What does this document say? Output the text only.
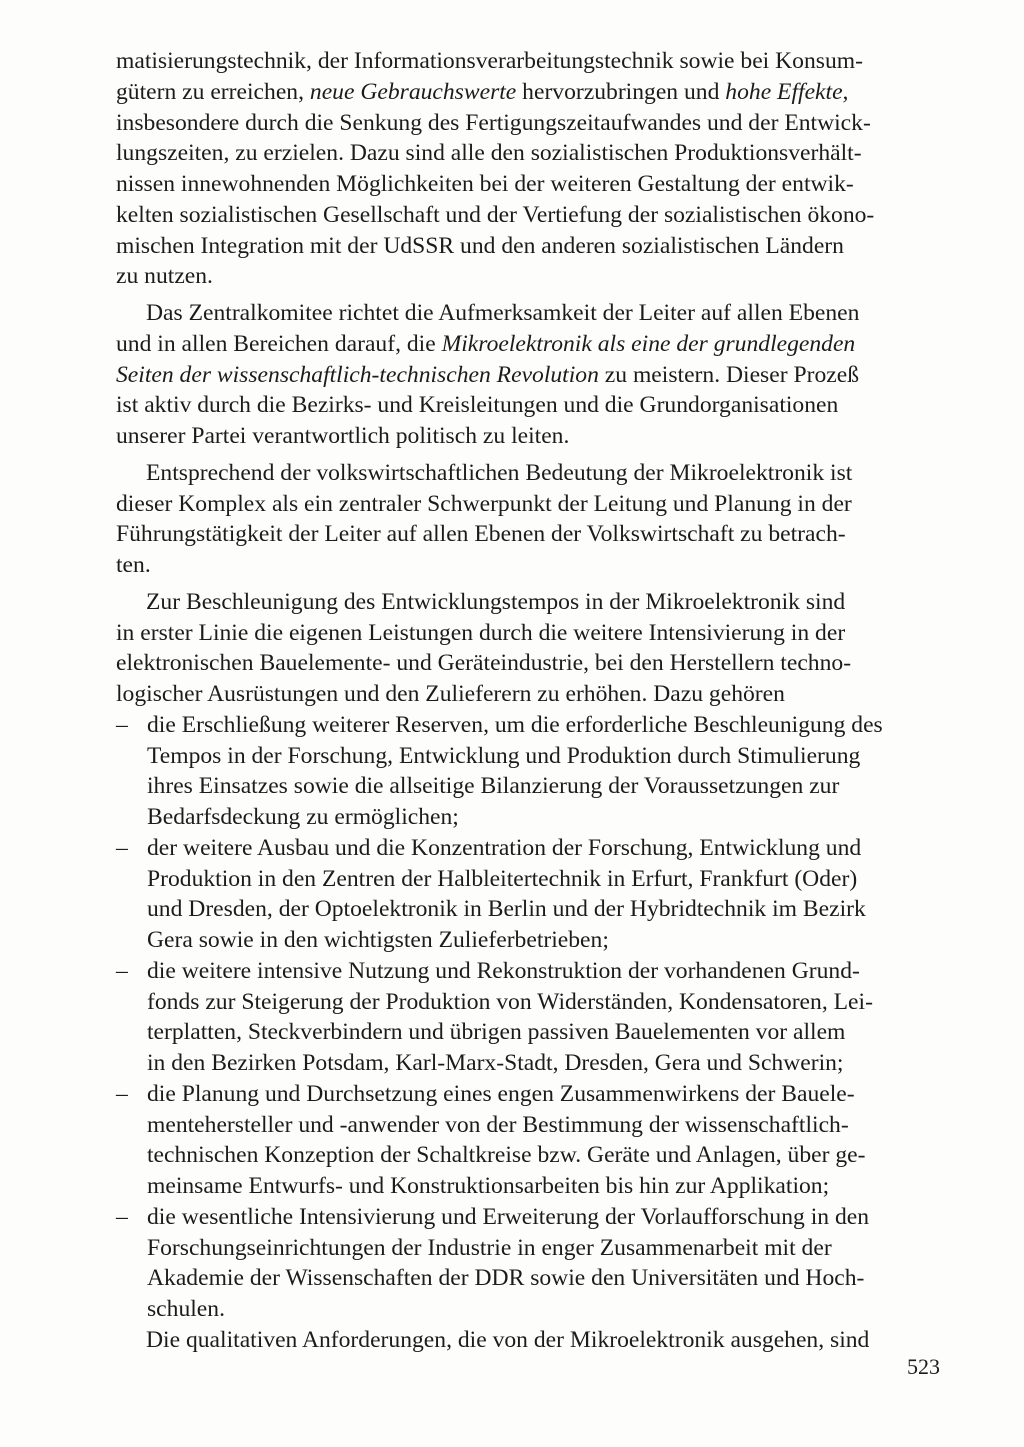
matisierungstechnik, der Informationsverarbeitungstechnik sowie bei Konsum-
gütern zu erreichen, neue Gebrauchswerte hervorzubringen und hohe Effekte,
insbesondere durch die Senkung des Fertigungszeitaufwandes und der Entwick-
lungszeiten, zu erzielen. Dazu sind alle den sozialistischen Produktionsverhält-
nissen innewohnenden Möglichkeiten bei der weiteren Gestaltung der entwik-
kelten sozialistischen Gesellschaft und der Vertiefung der sozialistischen ökono-
mischen Integration mit der UdSSR und den anderen sozialistischen Ländern
zu nutzen.

Das Zentralkomitee richtet die Aufmerksamkeit der Leiter auf allen Ebenen
und in allen Bereichen darauf, die Mikroelektronik als eine der grundlegenden
Seiten der wissenschaftlich-technischen Revolution zu meistern. Dieser Prozeß
ist aktiv durch die Bezirks- und Kreisleitungen und die Grundorganisationen
unserer Partei verantwortlich politisch zu leiten.

Entsprechend der volkswirtschaftlichen Bedeutung der Mikroelektronik ist
dieser Komplex als ein zentraler Schwerpunkt der Leitung und Planung in der
Führungstätigkeit der Leiter auf allen Ebenen der Volkswirtschaft zu betrach-
ten.

Zur Beschleunigung des Entwicklungstempos in der Mikroelektronik sind
in erster Linie die eigenen Leistungen durch die weitere Intensivierung in der
elektronischen Bauelemente- und Geräteindustrie, bei den Herstellern techno-
logischer Ausrüstungen und den Zulieferern zu erhöhen. Dazu gehören

– die Erschließung weiterer Reserven, um die erforderliche Beschleunigung des
Tempos in der Forschung, Entwicklung und Produktion durch Stimulierung
ihres Einsatzes sowie die allseitige Bilanzierung der Voraussetzungen zur
Bedarfsdeckung zu ermöglichen;

– der weitere Ausbau und die Konzentration der Forschung, Entwicklung und
Produktion in den Zentren der Halbleitertechnik in Erfurt, Frankfurt (Oder)
und Dresden, der Optoelektronik in Berlin und der Hybridtechnik im Bezirk
Gera sowie in den wichtigsten Zulieferbetrieben;

– die weitere intensive Nutzung und Rekonstruktion der vorhandenen Grund-
fonds zur Steigerung der Produktion von Widerständen, Kondensatoren, Lei-
terplatten, Steckverbindern und übrigen passiven Bauelementen vor allem
in den Bezirken Potsdam, Karl-Marx-Stadt, Dresden, Gera und Schwerin;

– die Planung und Durchsetzung eines engen Zusammenwirkens der Bauele-
mentehersteller und -anwender von der Bestimmung der wissenschaftlich-
technischen Konzeption der Schaltkreise bzw. Geräte und Anlagen, über ge-
meinsame Entwurfs- und Konstruktionsarbeiten bis hin zur Applikation;

– die wesentliche Intensivierung und Erweiterung der Vorlaufforschung in den
Forschungseinrichtungen der Industrie in enger Zusammenarbeit mit der
Akademie der Wissenschaften der DDR sowie den Universitäten und Hoch-
schulen.

Die qualitativen Anforderungen, die von der Mikroelektronik ausgehen, sind

523
